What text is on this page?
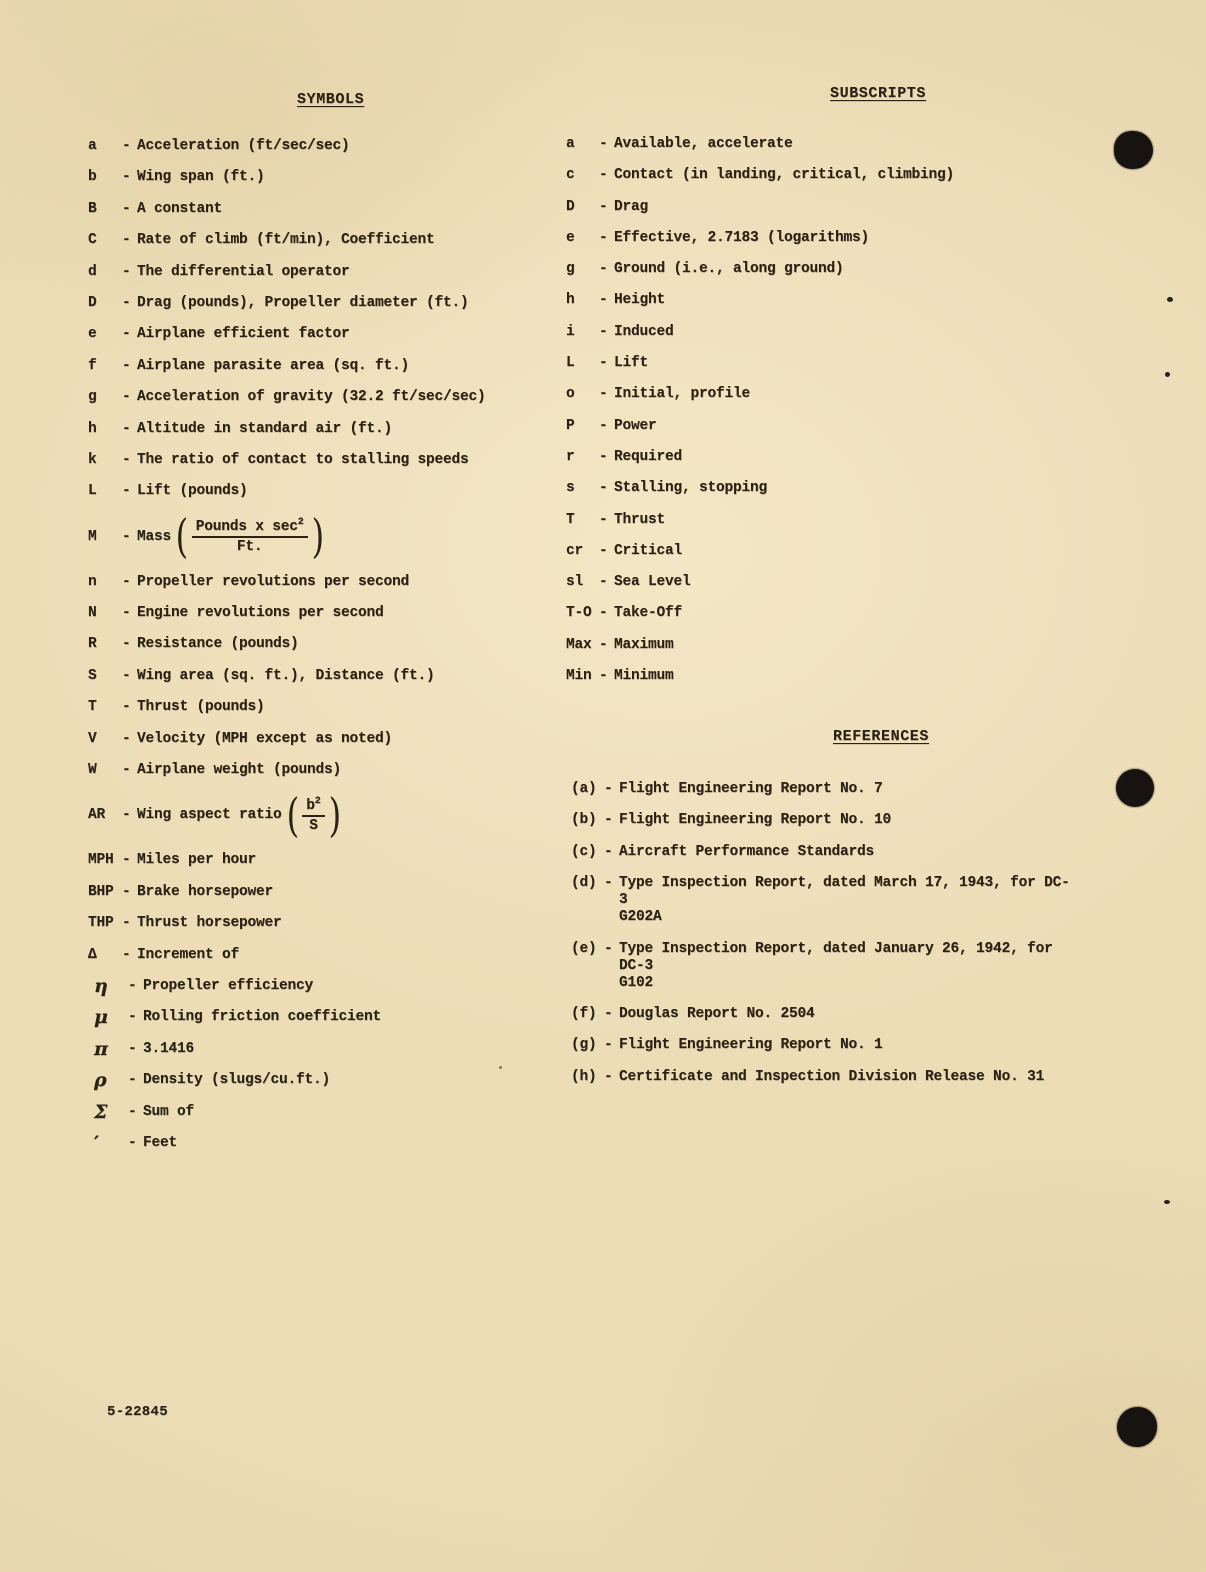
SYMBOLS	SUBSCRIPTS
a	- Acceleration (ft/sec/sec)
b	- Wing span (ft.)
B	- A constant
C	- Rate of climb (ft/min), Coefficient
d	- The differential operator
D	- Drag (pounds), Propeller diameter (ft.)
e	- Airplane efficient factor
f	- Airplane parasite area (sq. ft.)
g	- Acceleration of gravity (32.2 ft/sec/sec)
h	- Altitude in standard air (ft.)
k	- The ratio of contact to stalling speeds
L	- Lift (pounds)
M	- Mass ( $\frac{Pounds x \sec^2}{Ft.}$ )
n	- Propeller revolutions per second
N	- Engine revolutions per second
R	- Resistance (pounds)
S	- Wing area (sq. ft.), Distance (ft.)
T	- Thrust (pounds)
V	- Velocity (MPH except as noted)
W	- Airplane weight (pounds)
AR	- Wing aspect ratio ( $\frac{b^2}{S}$ )
MPH - Miles per hour
BHP - Brake horsepower
THP - Thrust horsepower
Δ	- Increment of
η	- Propeller efficiency
μ	- Rolling friction coefficient
π	- 3.1416
ρ	- Density (slugs/cu.ft.)
Σ	- Sum of
′	- Feet
a	- Available, accelerate
c	- Contact (in landing, critical, climbing)
D	- Drag
e	- Effective, 2.7183 (logarithms)
g	- Ground (i.e., along ground)
h	- Height
i	- Induced
L	- Lift
o	- Initial, profile
P	- Power
r	- Required
s	- Stalling, stopping
T	- Thrust
cr	- Critical
sl	- Sea Level
T-O - Take-Off
Max - Maximum
Min - Minimum
REFERENCES
(a) - Flight Engineering Report No. 7
(b) - Flight Engineering Report No. 10
(c) - Aircraft Performance Standards
(d) - Type Inspection Report, dated March 17, 1943, for DC-3
G202A
(e) - Type Inspection Report, dated January 26, 1942, for DC-3
G102
(f) - Douglas Report No. 2504
(g) - Flight Engineering Report No. 1
(h) - Certificate and Inspection Division Release No. 31
5-22845
